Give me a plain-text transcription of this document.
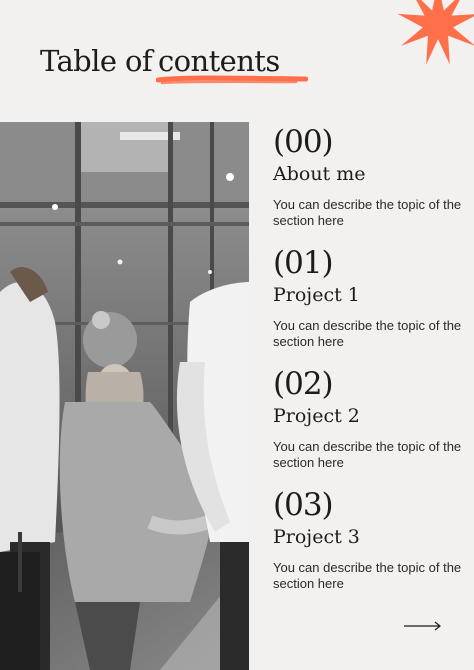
Table of contents
(00)
About me
You can describe the topic of the section here
(01)
Project 1
You can describe the topic of the section here
(02)
Project 2
You can describe the topic of the section here
(03)
Project 3
You can describe the topic of the section here
